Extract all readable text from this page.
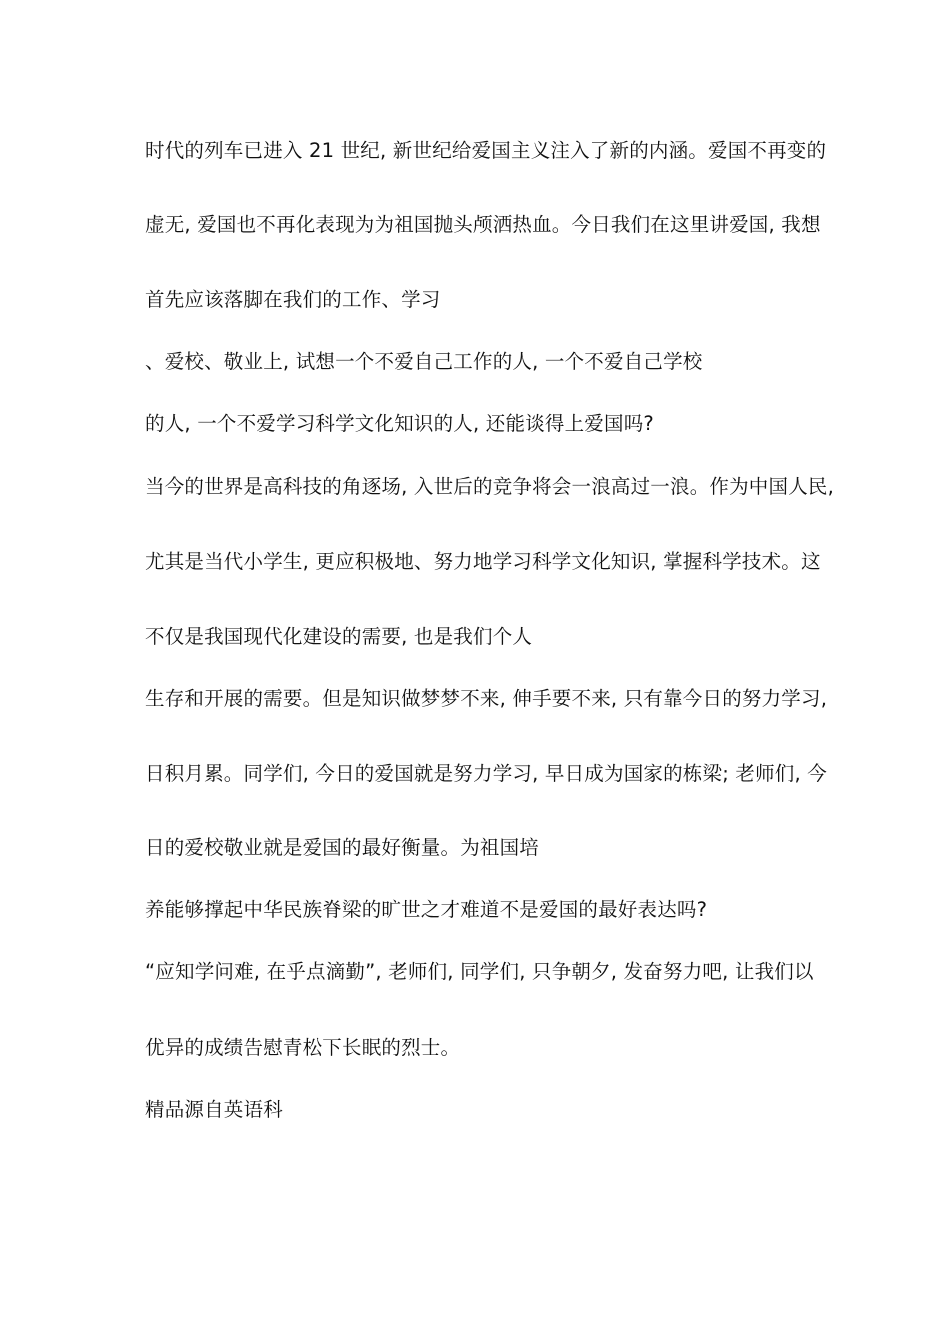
时代的列车已进入 21 世纪, 新世纪给爱国主义注入了新的内涵。爱国不再变的
虚无, 爱国也不再化表现为为祖国抛头颅洒热血。今日我们在这里讲爱国, 我想
首先应该落脚在我们的工作、学习
、爱校、敬业上, 试想一个不爱自己工作的人, 一个不爱自己学校
的人, 一个不爱学习科学文化知识的人, 还能谈得上爱国吗?
当今的世界是高科技的角逐场, 入世后的竞争将会一浪高过一浪。作为中国人民,
尤其是当代小学生, 更应积极地、努力地学习科学文化知识, 掌握科学技术。这
不仅是我国现代化建设的需要, 也是我们个人
生存和开展的需要。但是知识做梦梦不来, 伸手要不来, 只有靠今日的努力学习,
日积月累。同学们, 今日的爱国就是努力学习, 早日成为国家的栋梁; 老师们, 今
日的爱校敬业就是爱国的最好衡量。为祖国培
养能够撑起中华民族脊梁的旷世之才难道不是爱国的最好表达吗?
“应知学问难, 在乎点滴勤”, 老师们, 同学们, 只争朝夕, 发奋努力吧, 让我们以
优异的成绩告慰青松下长眠的烈士。
精品源自英语科
